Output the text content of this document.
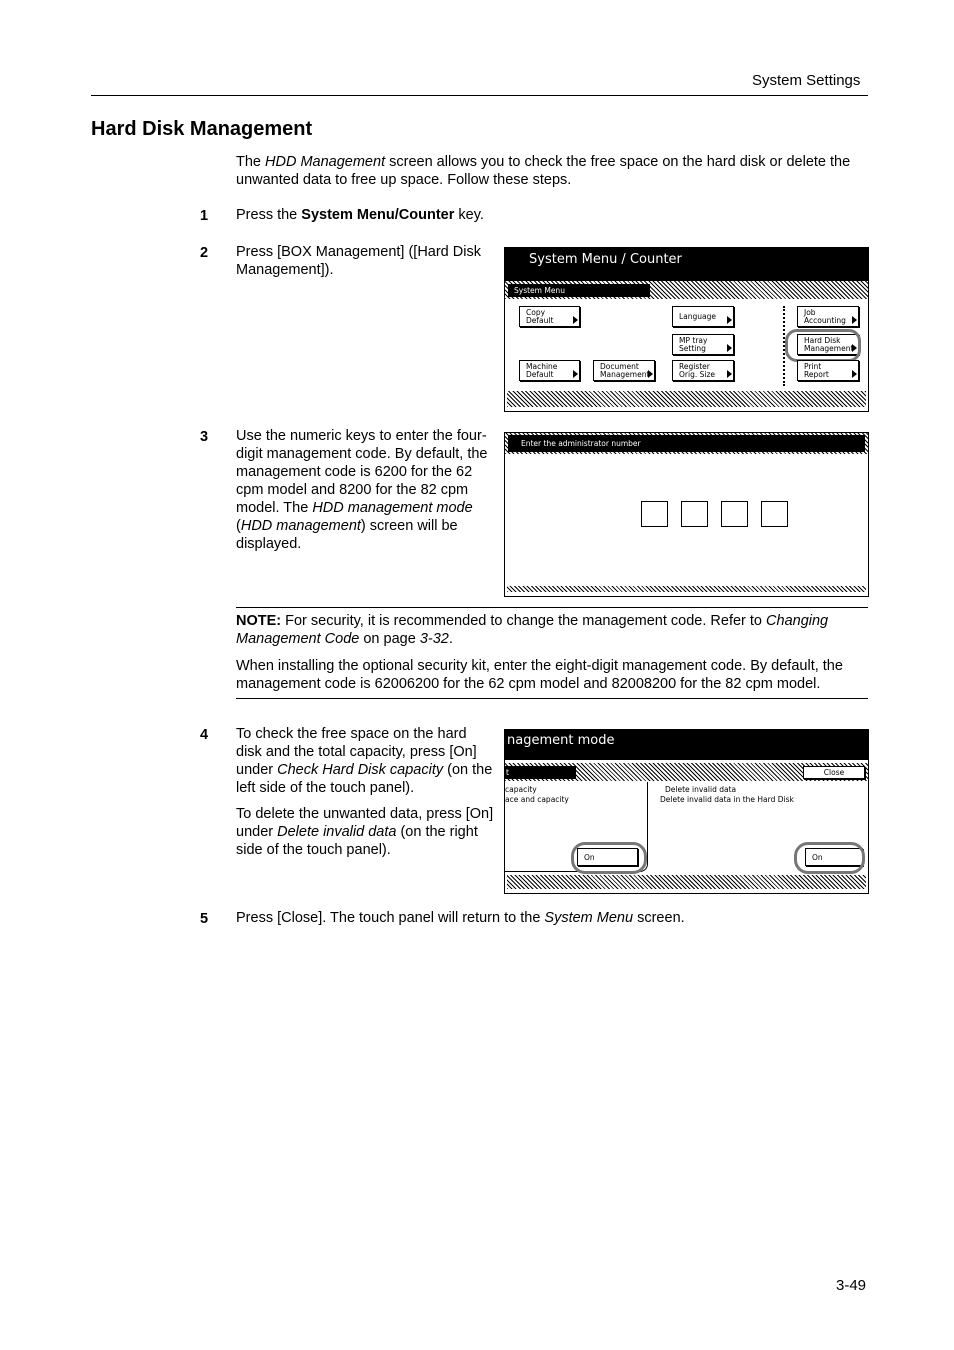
System Settings
Hard Disk Management
The HDD Management screen allows you to check the free space on the hard disk or delete the unwanted data to free up space. Follow these steps.
1 Press the System Menu/Counter key.
2 Press [BOX Management] ([Hard Disk Management]).
System Menu / Counter
System Menu
Copy
Default	Language	Job
Accounting
MP tray
Setting
Hard Disk
Management
Machine
Default
Document
Management
Register
Orig. Size
Print
Report
3 Use the numeric keys to enter the four-digit management code. By default, the management code is 6200 for the 62 cpm model and 8200 for the 82 cpm model. The HDD management mode (HDD management) screen will be displayed.
Enter the administrator number
NOTE: For security, it is recommended to change the management code. Refer to Changing Management Code on page 3-32.
When installing the optional security kit, enter the eight-digit management code. By default, the management code is 62006200 for the 62 cpm model and 82008200 for the 82 cpm model.
4 To check the free space on the hard disk and the total capacity, press [On] under Check Hard Disk capacity (on the left side of the touch panel).
To delete the unwanted data, press [On] under Delete invalid data (on the right side of the touch panel).
nagement mode
t	Close
capacity
ace and capacity
Delete invalid data
Delete invalid data in the Hard Disk
On	On
5 Press [Close]. The touch panel will return to the System Menu screen.
3-49
